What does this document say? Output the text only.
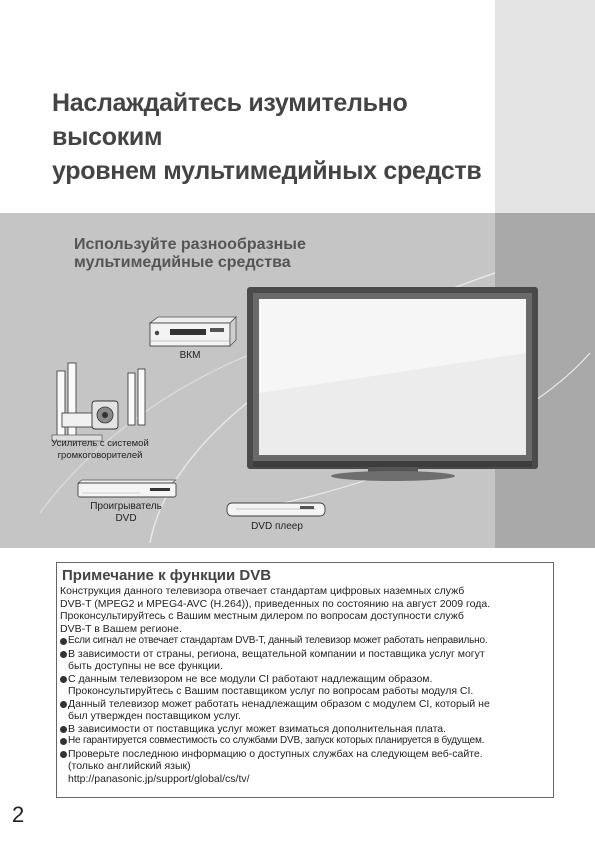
Наслаждайтесь изумительно высоким
уровнем мультимедийных средств
Используйте разнообразные
мультимедийные средства
ВКМ
Усилитель с системой
громкоговорителей
Проигрыватель
DVD
DVD плеер
Примечание к функции DVB

Конструкция данного телевизора отвечает стандартам цифровых наземных служб
DVB-T (MPEG2 и MPEG4-AVC (H.264)), приведенных по состоянию на август 2009 года.
Проконсультируйтесь с Вашим местным дилером по вопросам доступности служб
DVB-T в Вашем регионе.

Если сигнал не отвечает стандартам DVB-T, данный телевизор может работать неправильно.
В зависимости от страны, региона, вещательной компании и поставщика услуг могут
быть доступны не все функции.
С данным телевизором не все модули CI работают надлежащим образом.
Проконсультируйтесь с Вашим поставщиком услуг по вопросам работы модуля CI.
Данный телевизор может работать ненадлежащим образом с модулем CI, который не
был утвержден поставщиком услуг.
В зависимости от поставщика услуг может взиматься дополнительная плата.
Не гарантируется совместимость со службами DVB, запуск которых планируется в будущем.
Проверьте последнюю информацию о доступных службах на следующем веб-сайте.
(только английский язык)
http://panasonic.jp/support/global/cs/tv/
2
